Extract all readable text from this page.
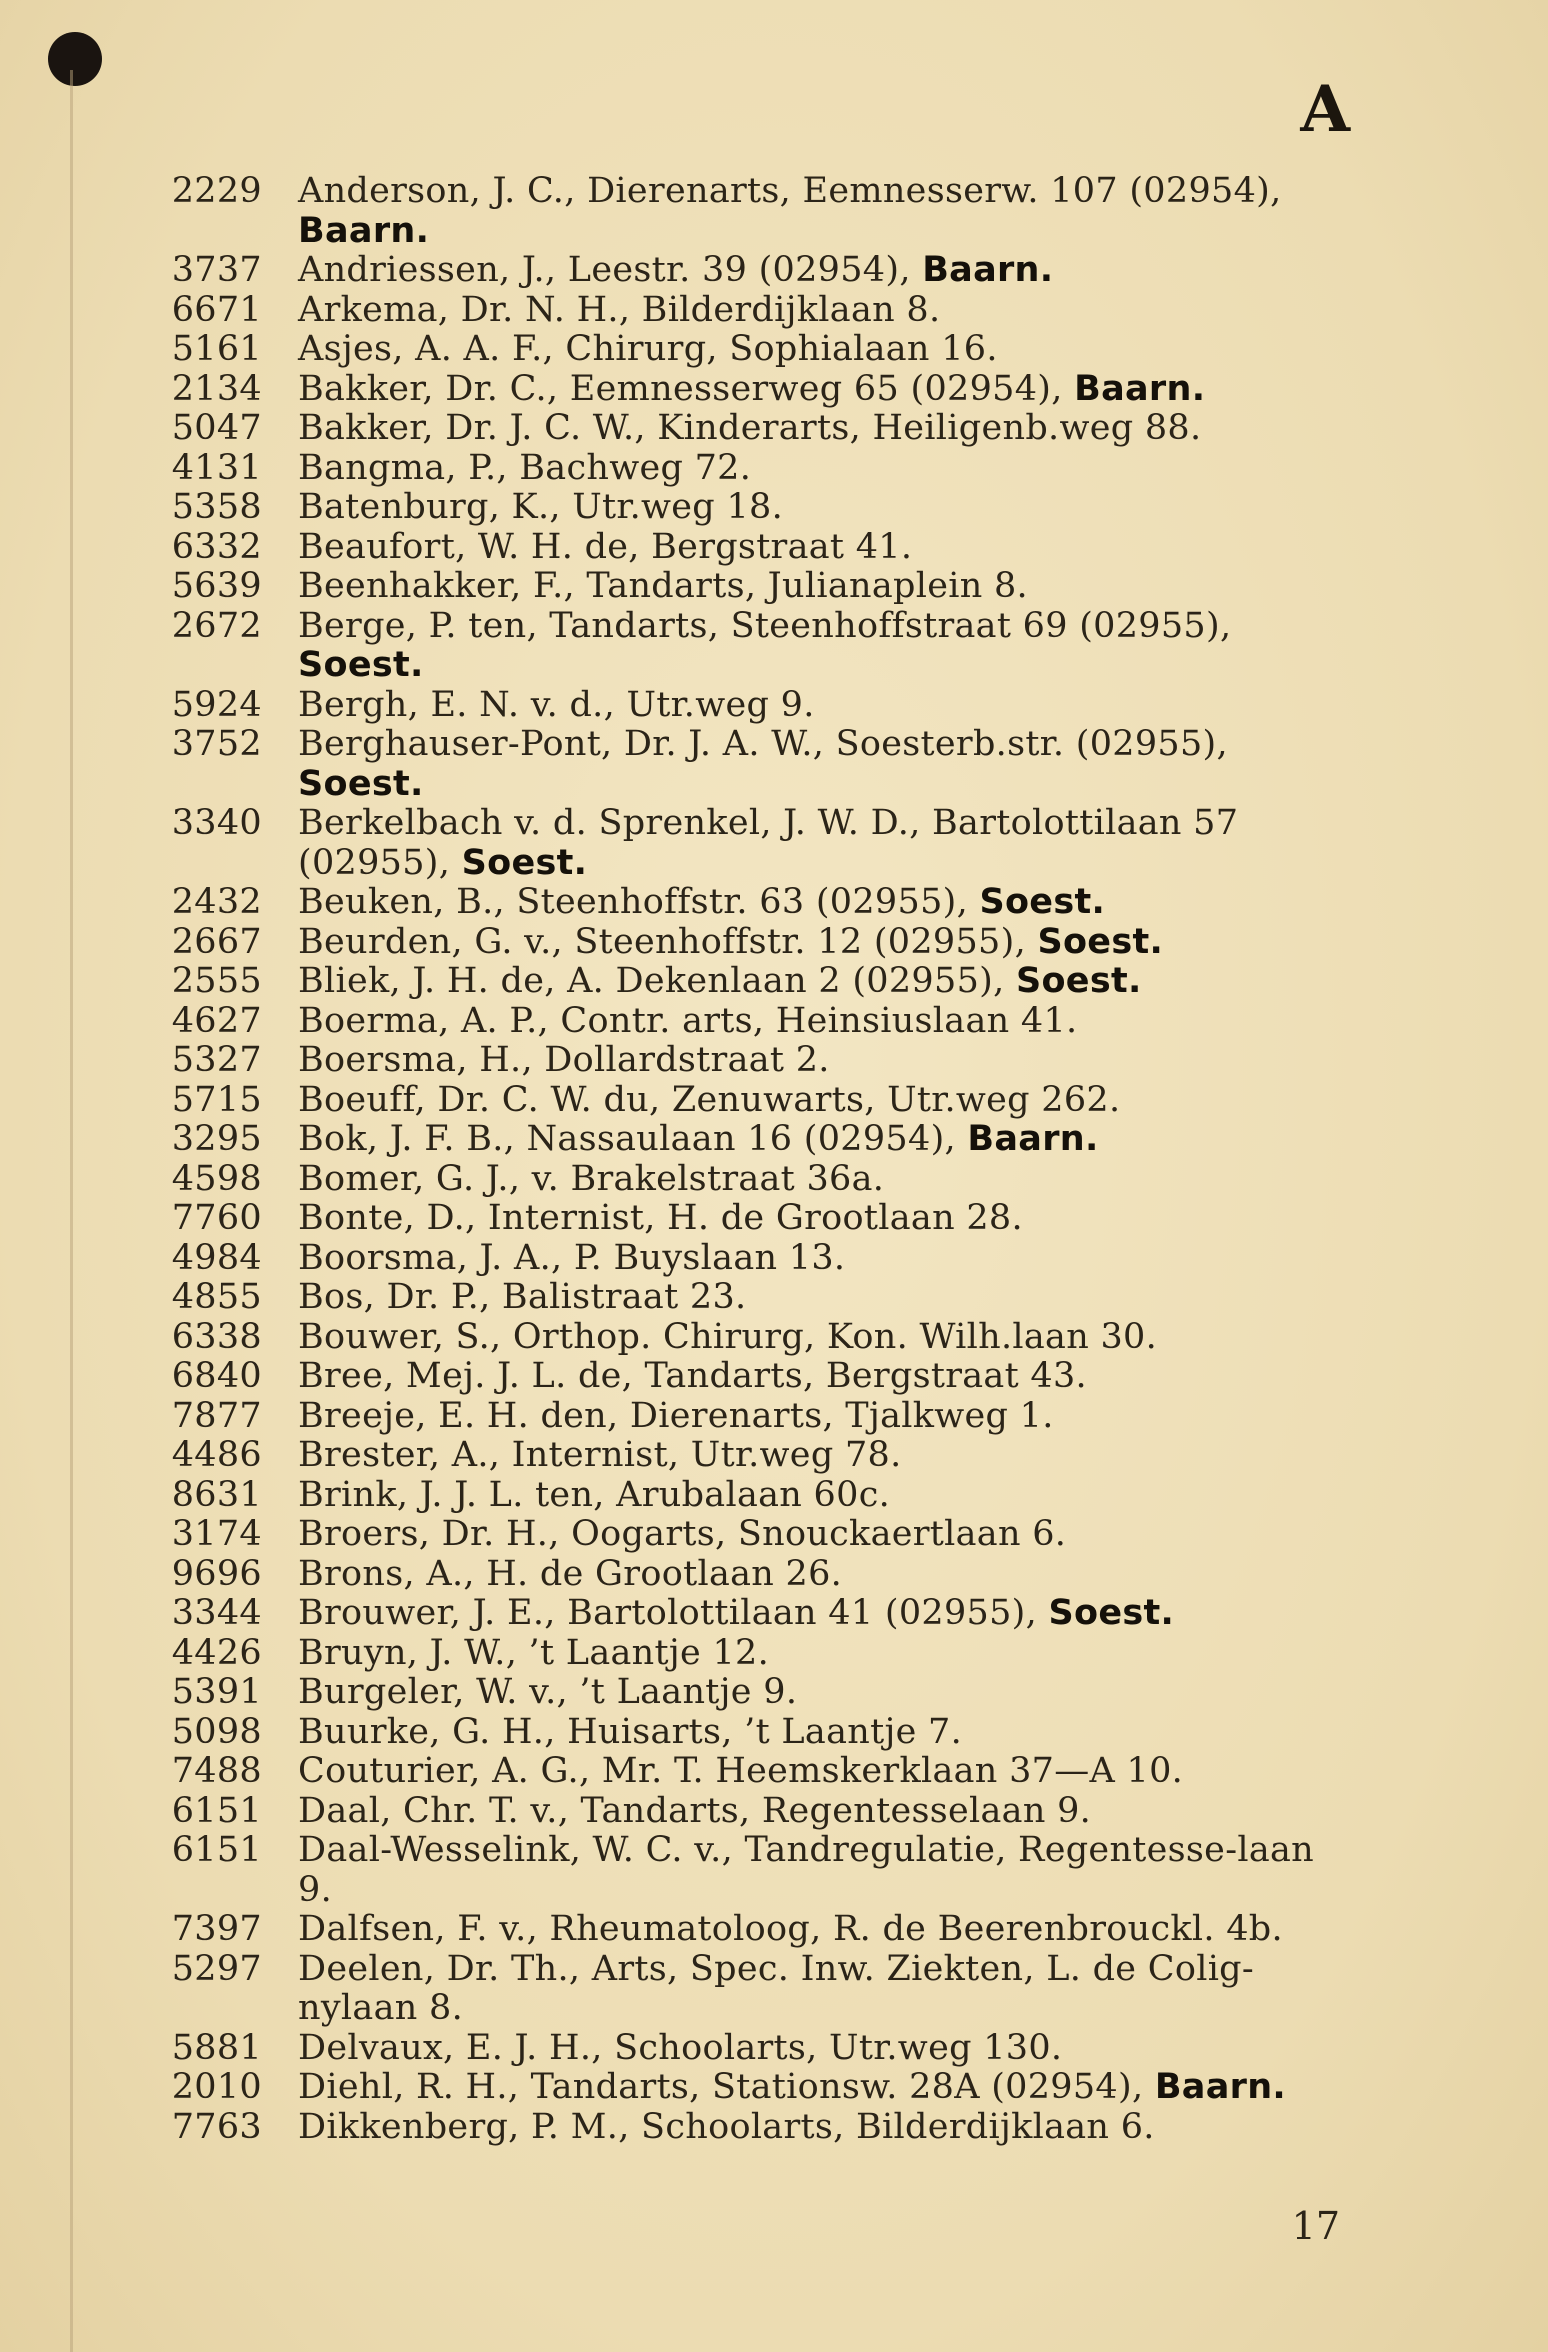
A
2229 Anderson, J. C., Dierenarts, Eemnesserw. 107 (02954),
Baarn.
3737 Andriessen, J., Leestr. 39 (02954), Baarn.
6671 Arkema, Dr. N. H., Bilderdijklaan 8.
5161 Asjes, A. A. F., Chirurg, Sophialaan 16.
2134 Bakker, Dr. C., Eemnesserweg 65 (02954), Baarn.
5047 Bakker, Dr. J. C. W., Kinderarts, Heiligenb.weg 88.
4131 Bangma, P., Bachweg 72.
5358 Batenburg, K., Utr.weg 18.
6332 Beaufort, W. H. de, Bergstraat 41.
5639 Beenhakker, F., Tandarts, Julianaplein 8.
2672 Berge, P. ten, Tandarts, Steenhoffstraat 69 (02955),
Soest.
5924 Bergh, E. N. v. d., Utr.weg 9.
3752 Berghauser-Pont, Dr. J. A. W., Soesterb.str. (02955),
Soest.
3340 Berkelbach v. d. Sprenkel, J. W. D., Bartolottilaan 57 (02955), Soest.
2432 Beuken, B., Steenhoffstr. 63 (02955), Soest.
2667 Beurden, G. v., Steenhoffstr. 12 (02955), Soest.
2555 Bliek, J. H. de, A. Dekenlaan 2 (02955), Soest.
4627 Boerma, A. P., Contr. arts, Heinsiuslaan 41.
5327 Boersma, H., Dollardstraat 2.
5715 Boeuff, Dr. C. W. du, Zenuwarts, Utr.weg 262.
3295 Bok, J. F. B., Nassaulaan 16 (02954), Baarn.
4598 Bomer, G. J., v. Brakelstraat 36a.
7760 Bonte, D., Internist, H. de Grootlaan 28.
4984 Boorsma, J. A., P. Buyslaan 13.
4855 Bos, Dr. P., Balistraat 23.
6338 Bouwer, S., Orthop. Chirurg, Kon. Wilh.laan 30.
6840 Bree, Mej. J. L. de, Tandarts, Bergstraat 43.
7877 Breeje, E. H. den, Dierenarts, Tjalkweg 1.
4486 Brester, A., Internist, Utr.weg 78.
8631 Brink, J. J. L. ten, Arubalaan 60c.
3174 Broers, Dr. H., Oogarts, Snouckaertlaan 6.
9696 Brons, A., H. de Grootlaan 26.
3344 Brouwer, J. E., Bartolottilaan 41 (02955), Soest.
4426 Bruyn, J. W., ’t Laantje 12.
5391 Burgeler, W. v., ’t Laantje 9.
5098 Buurke, G. H., Huisarts, ’t Laantje 7.
7488 Couturier, A. G., Mr. T. Heemskerklaan 37—A 10.
6151 Daal, Chr. T. v., Tandarts, Regentesselaan 9.
6151 Daal-Wesselink, W. C. v., Tandregulatie, Regentesse-laan 9.
7397 Dalfsen, F. v., Rheumatoloog, R. de Beerenbrouckl. 4b.
5297 Deelen, Dr. Th., Arts, Spec. Inw. Ziekten, L. de Colig-nylaan 8.
5881 Delvaux, E. J. H., Schoolarts, Utr.weg 130.
2010 Diehl, R. H., Tandarts, Stationsw. 28A (02954), Baarn.
7763 Dikkenberg, P. M., Schoolarts, Bilderdijklaan 6.
17
